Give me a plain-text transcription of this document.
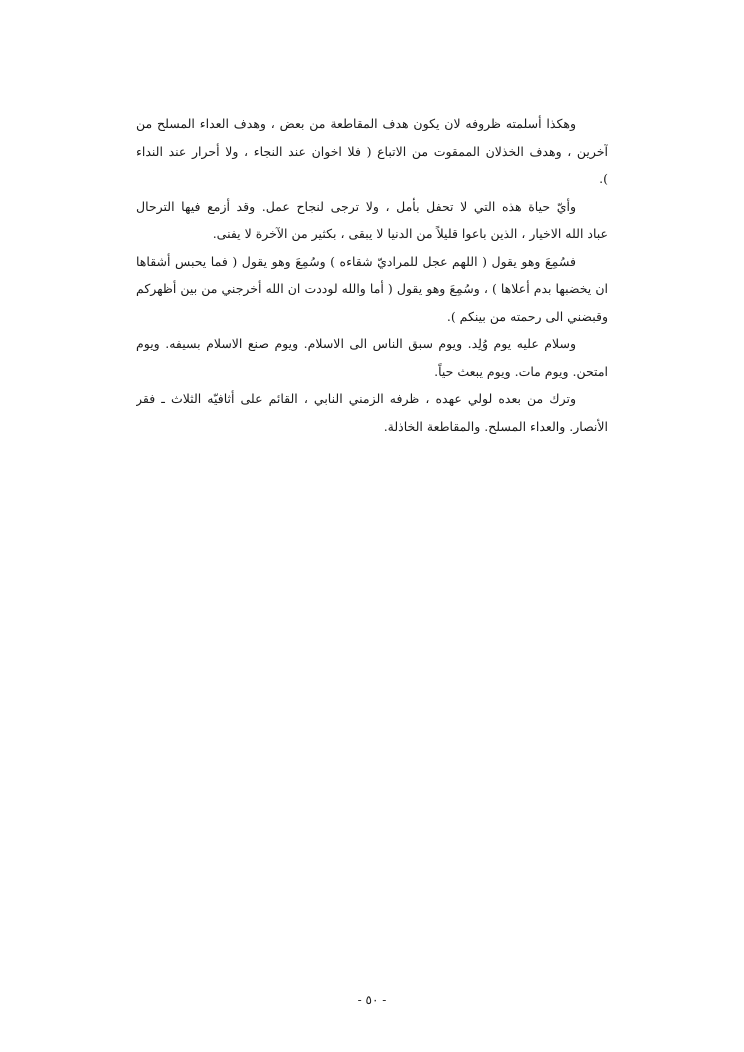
وهكذا أسلمته ظروفه لان يكون هدف المقاطعة من بعض ، وهدف العداء المسلح من
آخرين ، وهدف الخذلان الممقوت من الاتباع ( فلا اخوان عند النجاء ، ولا أحرار عند النداء
).

وأيّ حياة هذه التي لا تحفل بأمل ، ولا ترجى لنجاح عمل. وقد أزمع فيها الترحال
عباد الله الاخيار ، الذين باعوا قليلاً من الدنيا لا يبقى ، بكثير من الآخرة لا يفنى.

فسُمِعَ وهو يقول ( اللهم عجل للمراديّ شقاءه ) وسُمِعَ وهو يقول ( فما يحبس أشقاها
ان يخضبها بدم أعلاها ) ، وسُمِعَ وهو يقول ( أما والله لوددت ان الله أخرجني من بين أظهركم
وقبضني الى رحمته من بينكم ).

وسلام عليه يوم وُلِد. ويوم سبق الناس الى الاسلام. ويوم صنع الاسلام بسيفه. ويوم
امتحن. ويوم مات. ويوم يبعث حياً.

وترك من بعده لولي عهده ، ظرفه الزمني النابي ، القائم على أثافيّه الثلاث ـ فقر
الأنصار. والعداء المسلح. والمقاطعة الخاذلة.

- ٥٠ -
